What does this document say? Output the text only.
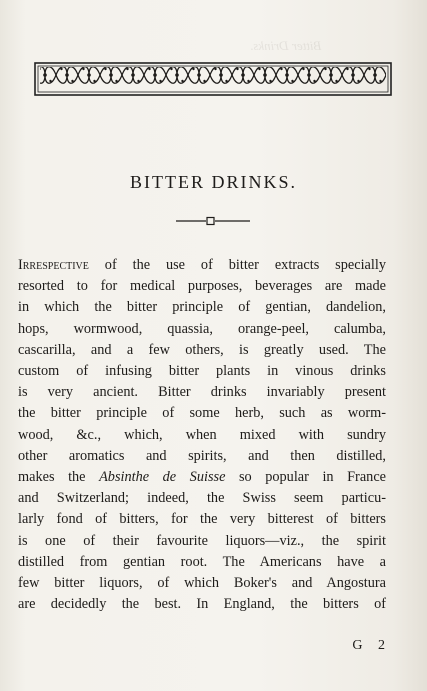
Bitter Drinks.
BITTER DRINKS.
Irrespective of the use of bitter extracts specially
resorted to for medical purposes, beverages are made
in which the bitter principle of gentian, dandelion,
hops, wormwood, quassia, orange-peel, calumba,
cascarilla, and a few others, is greatly used. The
custom of infusing bitter plants in vinous drinks
is very ancient. Bitter drinks invariably present
the bitter principle of some herb, such as worm-
wood, &c., which, when mixed with sundry
other aromatics and spirits, and then distilled,
makes the Absinthe de Suisse so popular in France
and Switzerland; indeed, the Swiss seem particu-
larly fond of bitters, for the very bitterest of bitters
is one of their favourite liquors—viz., the spirit
distilled from gentian root. The Americans have a
few bitter liquors, of which Boker's and Angostura
are decidedly the best. In England, the bitters of
G 2
